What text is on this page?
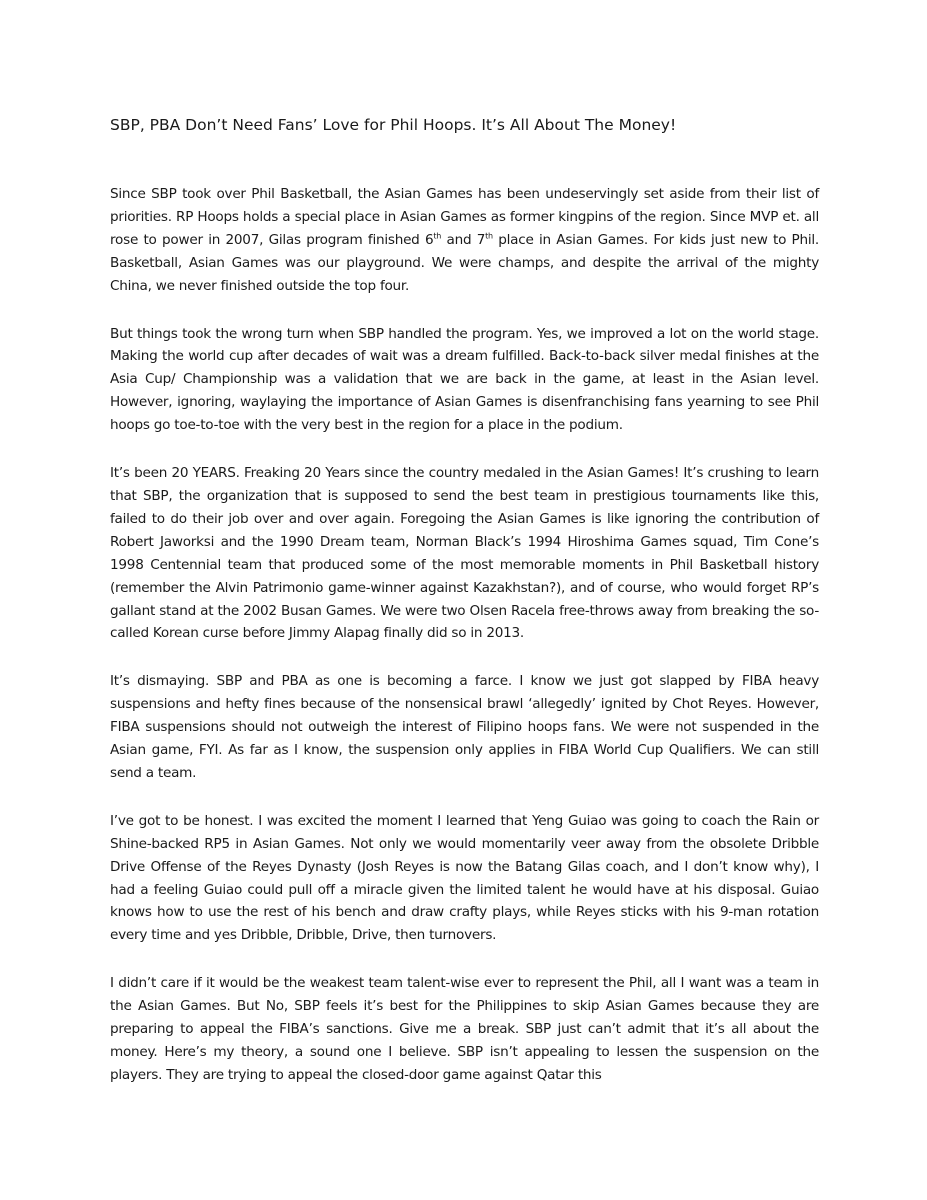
SBP, PBA Don’t Need Fans’ Love for Phil Hoops. It’s All About The Money!

Since SBP took over Phil Basketball, the Asian Games has been undeservingly set aside from their list of priorities. RP Hoops holds a special place in Asian Games as former kingpins of the region. Since MVP et. all rose to power in 2007, Gilas program finished 6th and 7th place in Asian Games. For kids just new to Phil. Basketball, Asian Games was our playground. We were champs, and despite the arrival of the mighty China, we never finished outside the top four.

But things took the wrong turn when SBP handled the program. Yes, we improved a lot on the world stage. Making the world cup after decades of wait was a dream fulfilled. Back-to-back silver medal finishes at the Asia Cup/ Championship was a validation that we are back in the game, at least in the Asian level. However, ignoring, waylaying the importance of Asian Games is disenfranchising fans yearning to see Phil hoops go toe-to-toe with the very best in the region for a place in the podium.

It’s been 20 YEARS. Freaking 20 Years since the country medaled in the Asian Games! It’s crushing to learn that SBP, the organization that is supposed to send the best team in prestigious tournaments like this, failed to do their job over and over again. Foregoing the Asian Games is like ignoring the contribution of Robert Jaworksi and the 1990 Dream team, Norman Black’s 1994 Hiroshima Games squad, Tim Cone’s 1998 Centennial team that produced some of the most memorable moments in Phil Basketball history (remember the Alvin Patrimonio game-winner against Kazakhstan?), and of course, who would forget RP’s gallant stand at the 2002 Busan Games. We were two Olsen Racela free-throws away from breaking the so-called Korean curse before Jimmy Alapag finally did so in 2013.

It’s dismaying. SBP and PBA as one is becoming a farce. I know we just got slapped by FIBA heavy suspensions and hefty fines because of the nonsensical brawl ‘allegedly’ ignited by Chot Reyes. However, FIBA suspensions should not outweigh the interest of Filipino hoops fans. We were not suspended in the Asian game, FYI. As far as I know, the suspension only applies in FIBA World Cup Qualifiers. We can still send a team.

I’ve got to be honest. I was excited the moment I learned that Yeng Guiao was going to coach the Rain or Shine-backed RP5 in Asian Games. Not only we would momentarily veer away from the obsolete Dribble Drive Offense of the Reyes Dynasty (Josh Reyes is now the Batang Gilas coach, and I don’t know why), I had a feeling Guiao could pull off a miracle given the limited talent he would have at his disposal. Guiao knows how to use the rest of his bench and draw crafty plays, while Reyes sticks with his 9-man rotation every time and yes Dribble, Dribble, Drive, then turnovers.

I didn’t care if it would be the weakest team talent-wise ever to represent the Phil, all I want was a team in the Asian Games. But No, SBP feels it’s best for the Philippines to skip Asian Games because they are preparing to appeal the FIBA’s sanctions. Give me a break. SBP just can’t admit that it’s all about the money. Here’s my theory, a sound one I believe. SBP isn’t appealing to lessen the suspension on the players. They are trying to appeal the closed-door game against Qatar this
